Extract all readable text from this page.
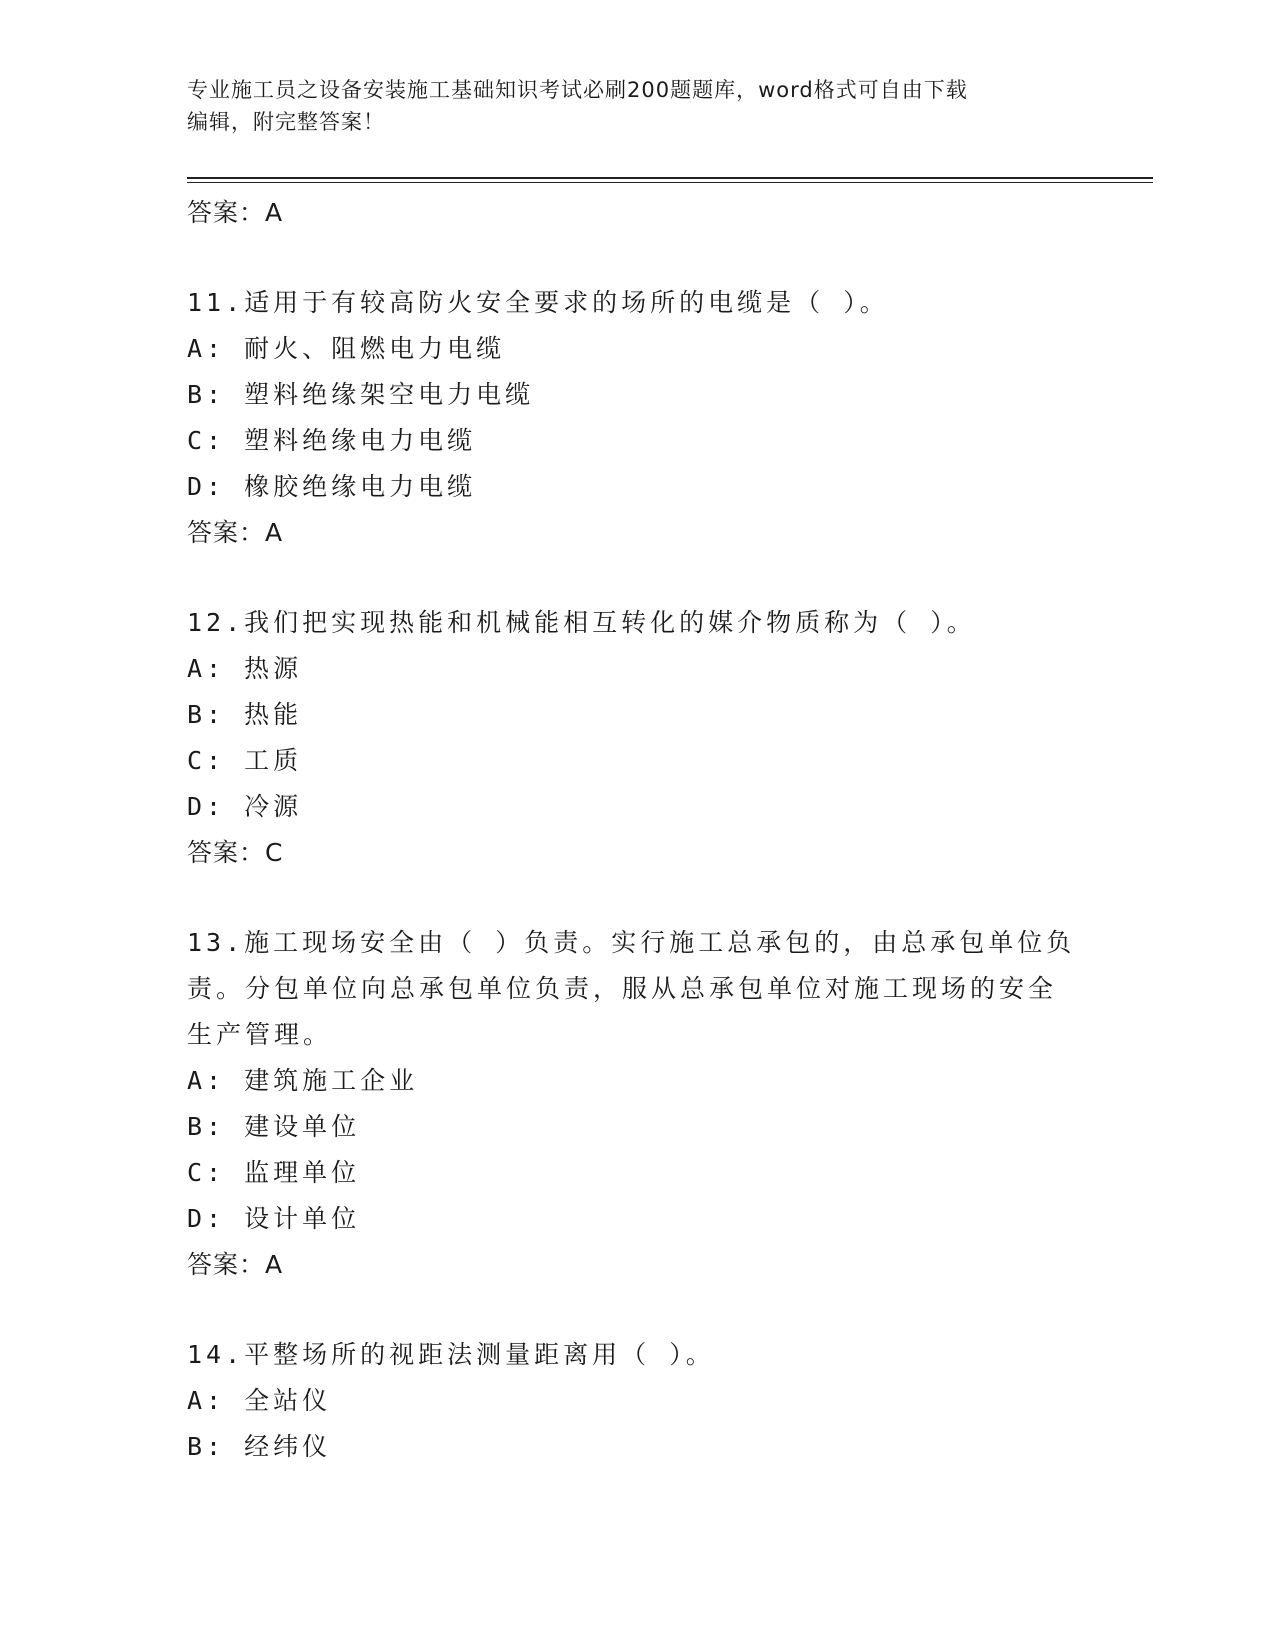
专业施工员之设备安装施工基础知识考试必刷200题题库，word格式可自由下载
编辑，附完整答案！
答案：A
11.适用于有较高防火安全要求的场所的电缆是（ ）。
A: 耐火、阻燃电力电缆
B: 塑料绝缘架空电力电缆
C: 塑料绝缘电力电缆
D: 橡胶绝缘电力电缆
答案：A
12.我们把实现热能和机械能相互转化的媒介物质称为（ ）。
A: 热源
B: 热能
C: 工质
D: 冷源
答案：C
13.施工现场安全由（ ）负责。实行施工总承包的，由总承包单位负
责。分包单位向总承包单位负责，服从总承包单位对施工现场的安全
生产管理。
A: 建筑施工企业
B: 建设单位
C: 监理单位
D: 设计单位
答案：A
14.平整场所的视距法测量距离用（ ）。
A: 全站仪
B: 经纬仪
